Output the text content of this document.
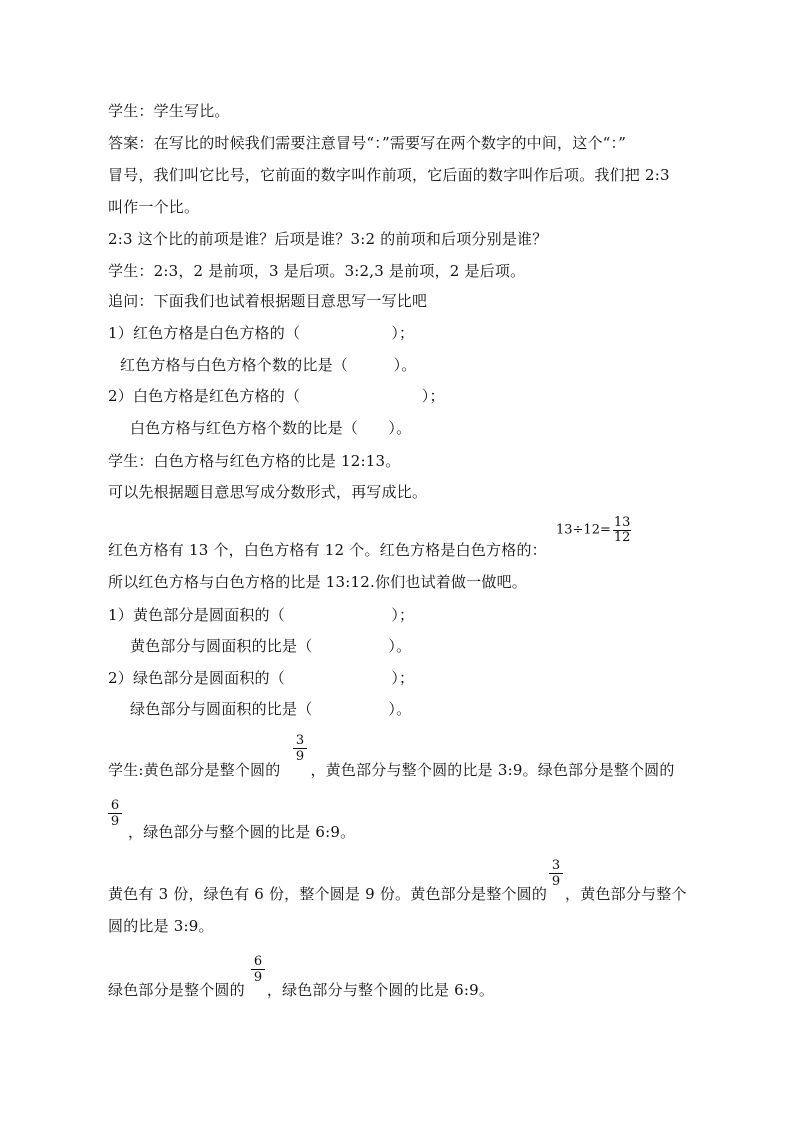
学生：学生写比。
答案：在写比的时候我们需要注意冒号“：”需要写在两个数字的中间，这个“：”
冒号，我们叫它比号，它前面的数字叫作前项，它后面的数字叫作后项。我们把 2:3
叫作一个比。
2:3 这个比的前项是谁？后项是谁？3:2 的前项和后项分别是谁？
学生：2:3，2 是前项，3 是后项。3:2,3 是前项，2 是后项。
追问：下面我们也试着根据题目意思写一写比吧
1）红色方格是白色方格的（　　　　　　）；
红色方格与白色方格个数的比是（　　　）。
2）白色方格是红色方格的（　　　　　　　　）；
白色方格与红色方格个数的比是（　　）。
学生：白色方格与红色方格的比是 12:13。
可以先根据题目意思写成分数形式，再写成比。
红色方格有 13 个，白色方格有 12 个。红色方格是白色方格的：
$13\div 12= \frac{13}{12}$
所以红色方格与白色方格的比是 13:12.你们也试着做一做吧。
1）黄色部分是圆面积的（　　　　　　　）；
黄色部分与圆面积的比是（　　　　　）。
2）绿色部分是圆面积的（　　　　　　　）；
绿色部分与圆面积的比是（　　　　　）。
学生:黄色部分是整个圆的 ，黄色部分与整个圆的比是 3:9。绿色部分是整个圆的
$\frac{3}{9}$
$\frac{6}{9}$
，绿色部分与整个圆的比是 6:9。
黄色有 3 份，绿色有 6 份，整个圆是 9 份。黄色部分是整个圆的 ，黄色部分与整个
$\frac{3}{9}$
圆的比是 3:9。
绿色部分是整个圆的 ，绿色部分与整个圆的比是 6:9。
$\frac{6}{9}$
